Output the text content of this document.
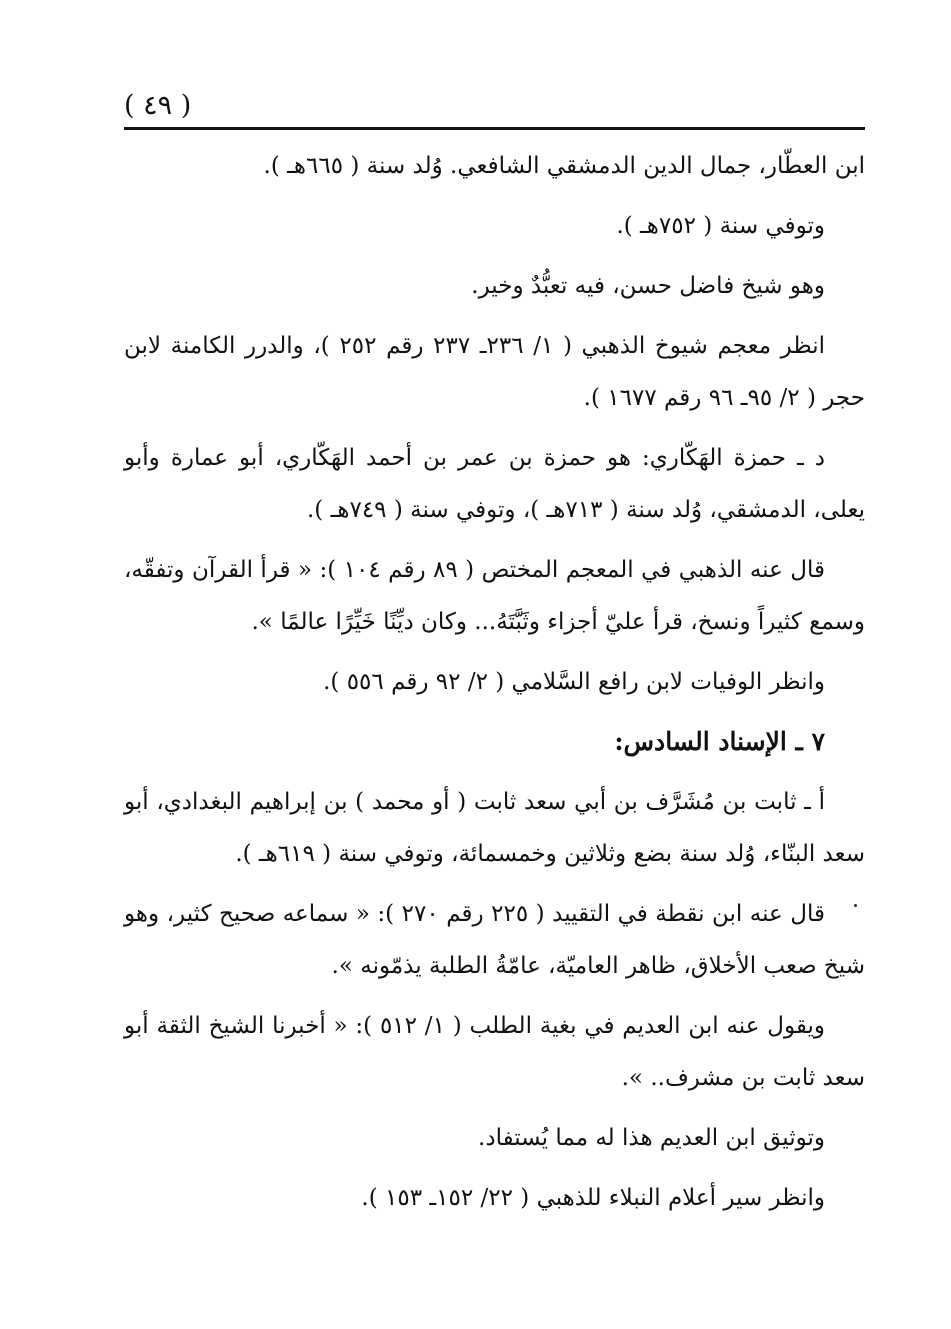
( ٤٩ )

ابن العطّار، جمال الدين الدمشقي الشافعي. وُلد سنة ( ٦٦٥هـ ).

وتوفي سنة ( ٧٥٢هـ ).

وهو شيخ فاضل حسن، فيه تعبُّدٌ وخير.

انظر معجم شيوخ الذهبي ( ١/ ٢٣٦ـ ٢٣٧ رقم ٢٥٢ )، والدرر الكامنة لابن حجر ( ٢/ ٩٥ـ ٩٦ رقم ١٦٧٧ ).

د ـ حمزة الهَكّاري: هو حمزة بن عمر بن أحمد الهَكّاري، أبو عمارة وأبو يعلى، الدمشقي، وُلد سنة ( ٧١٣هـ )، وتوفي سنة ( ٧٤٩هـ ).

قال عنه الذهبي في المعجم المختص ( ٨٩ رقم ١٠٤ ): « قرأ القرآن وتفقّه، وسمع كثيراً ونسخ، قرأ عليّ أجزاء وثَبَّتَهُ... وكان ديِّنًا خَيِّرًا عالمًا ».

وانظر الوفيات لابن رافع السَّلامي ( ٢/ ٩٢ رقم ٥٥٦ ).

٧ ـ الإسناد السادس:

أ ـ ثابت بن مُشَرَّف بن أبي سعد ثابت ( أو محمد ) بن إبراهيم البغدادي، أبو سعد البنّاء، وُلد سنة بضع وثلاثين وخمسمائة، وتوفي سنة ( ٦١٩هـ ).

قال عنه ابن نقطة في التقييد ( ٢٢٥ رقم ٢٧٠ ): « سماعه صحيح كثير، وهو شيخ صعب الأخلاق، ظاهر العاميّة، عامّةُ الطلبة يذمّونه ».

ويقول عنه ابن العديم في بغية الطلب ( ١/ ٥١٢ ): « أخبرنا الشيخ الثقة أبو سعد ثابت بن مشرف.. ».

وتوثيق ابن العديم هذا له مما يُستفاد.

وانظر سير أعلام النبلاء للذهبي ( ٢٢/ ١٥٢ـ ١٥٣ ).
